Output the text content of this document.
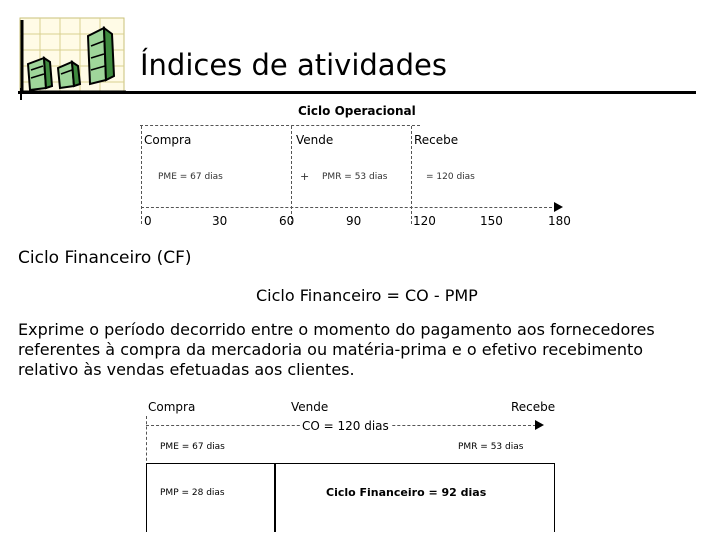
Índices de atividades
Ciclo Operacional
Compra	Vende	Recebe
PME = 67 dias	+ PMR = 53 dias	= 120 dias
0	30	60	90	120	150	180
Ciclo Financeiro (CF)
Ciclo Financeiro = CO - PMP
Exprime o período decorrido entre o momento do pagamento aos fornecedores referentes à compra da mercadoria ou matéria-prima e o efetivo recebimento relativo às vendas efetuadas aos clientes.
Compra	Vende	Recebe
CO = 120 dias
PME = 67 dias	PMR = 53 dias
PMP = 28 dias	Ciclo Financeiro = 92 dias
